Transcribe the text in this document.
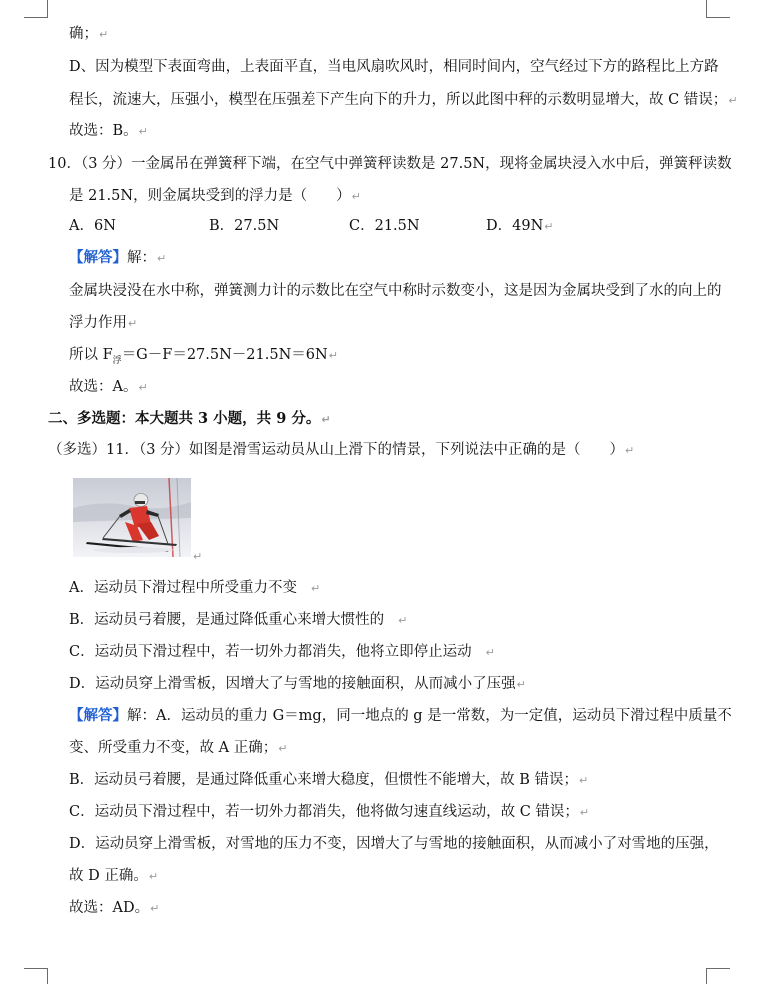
确；↵
D、因为模型下表面弯曲，上表面平直，当电风扇吹风时，相同时间内，空气经过下方的路程比上方路
程长，流速大，压强小，模型在压强差下产生向下的升力，所以此图中秤的示数明显增大，故 C 错误；↵
故选：B。↵
10．（3 分）一金属吊在弹簧秤下端，在空气中弹簧秤读数是 27.5N，现将金属块浸入水中后，弹簧秤读数
是 21.5N，则金属块受到的浮力是（　　）↵
A．6N	B．27.5N	C．21.5N	D．49N↵
【解答】解：↵
金属块浸没在水中称，弹簧测力计的示数比在空气中称时示数变小，这是因为金属块受到了水的向上的
浮力作用↵
所以 $F_浮=G-F=27.5N-21.5N=6N↵$
故选：A。↵
二、多选题：本大题共 3 小题，共 9 分。↵
（多选）11．（3 分）如图是滑雪运动员从山上滑下的情景，下列说法中正确的是（　　）↵
↵
A．运动员下滑过程中所受重力不变 ↵
B．运动员弓着腰，是通过降低重心来增大惯性的 ↵
C．运动员下滑过程中，若一切外力都消失，他将立即停止运动 ↵
D．运动员穿上滑雪板，因增大了与雪地的接触面积，从而减小了压强↵
【解答】解：A．运动员的重力 G＝mg，同一地点的 g 是一常数，为一定值，运动员下滑过程中质量不
变、所受重力不变，故 A 正确；↵
B．运动员弓着腰，是通过降低重心来增大稳度，但惯性不能增大，故 B 错误；↵
C．运动员下滑过程中，若一切外力都消失，他将做匀速直线运动，故 C 错误；↵
D．运动员穿上滑雪板，对雪地的压力不变，因增大了与雪地的接触面积，从而减小了对雪地的压强，
故 D 正确。↵
故选：AD。↵
